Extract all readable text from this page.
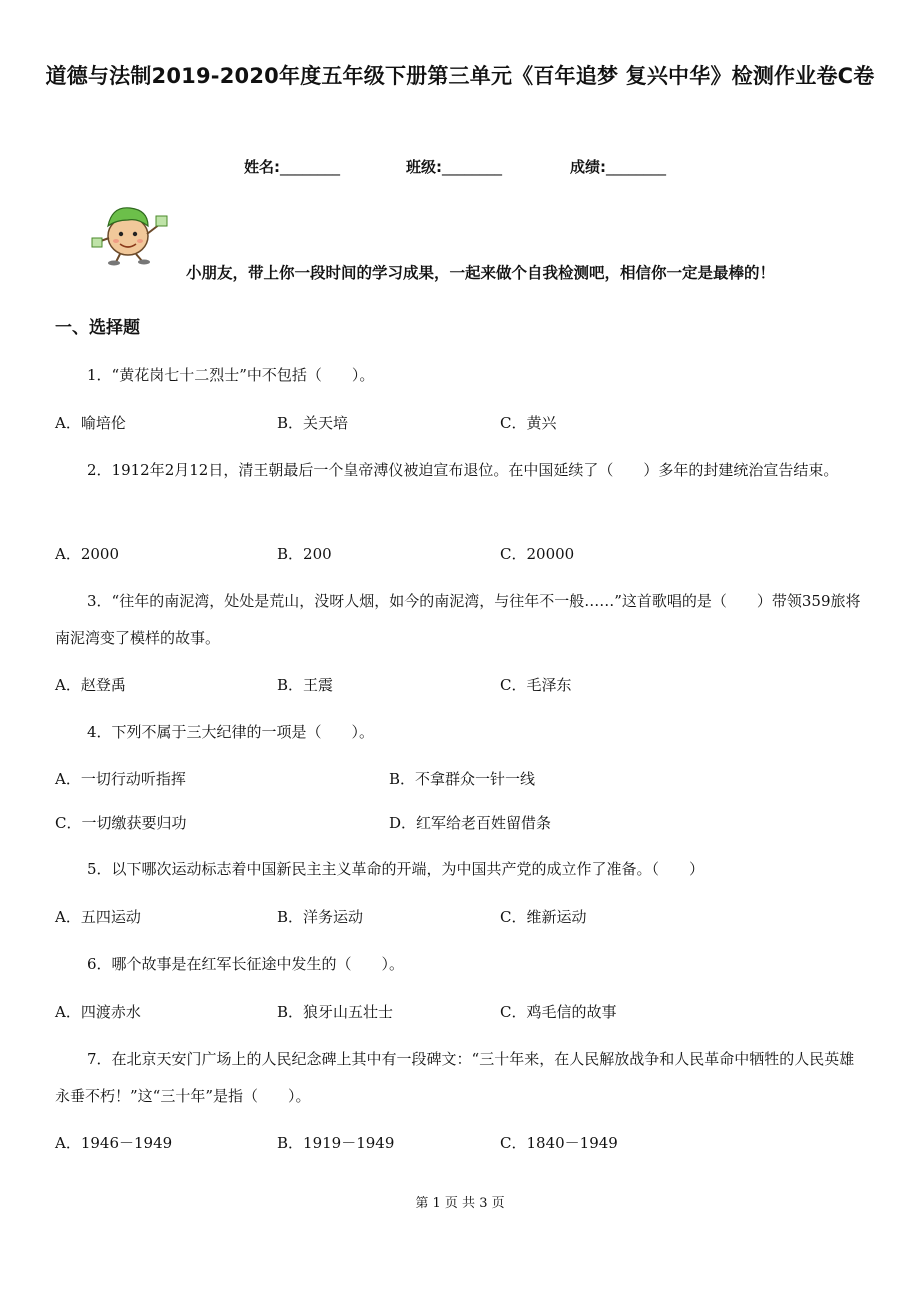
道德与法制2019-2020年度五年级下册第三单元《百年追梦 复兴中华》检测作业卷C卷
姓名:________	班级:________	成绩:________
小朋友，带上你一段时间的学习成果，一起来做个自我检测吧，相信你一定是最棒的！
一、选择题
1．“黄花岗七十二烈士”中不包括（　　）。
A．喻培伦	B．关天培	C．黄兴
2．1912年2月12日，清王朝最后一个皇帝溥仪被迫宣布退位。在中国延续了（　　）多年的封建统治宣告结束。
A．2000	B．200	C．20000
3．“往年的南泥湾，处处是荒山，没呀人烟，如今的南泥湾，与往年不一般……”这首歌唱的是（　　）带领359旅将南泥湾变了模样的故事。
A．赵登禹	B．王震	C．毛泽东
4．下列不属于三大纪律的一项是（　　）。
A．一切行动听指挥	B．不拿群众一针一线
C．一切缴获要归功	D．红军给老百姓留借条
5．以下哪次运动标志着中国新民主主义革命的开端，为中国共产党的成立作了准备。（　　）
A．五四运动	B．洋务运动	C．维新运动
6．哪个故事是在红军长征途中发生的（　　）。
A．四渡赤水	B．狼牙山五壮士	C．鸡毛信的故事
7．在北京天安门广场上的人民纪念碑上其中有一段碑文：“三十年来，在人民解放战争和人民革命中牺牲的人民英雄永垂不朽！”这“三十年”是指（　　）。
A．1946－1949	B．1919－1949	C．1840－1949
第 1 页 共 3 页
